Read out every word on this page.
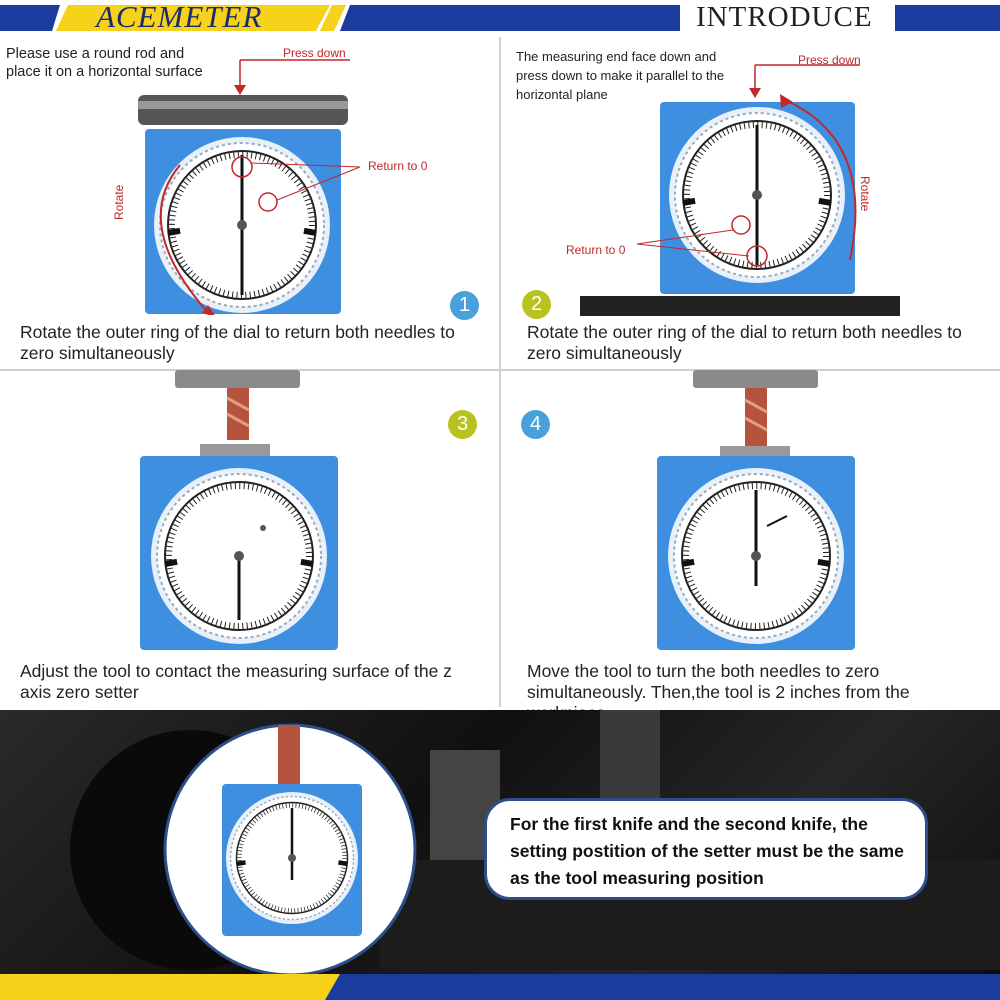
ACEMETER	INTRODUCE
Please use a round rod and place it on a horizontal surface
Press down
Return to 0
Rotate
1
Rotate the outer ring of the dial to return both needles to zero simultaneously
The measuring end face down and press down to make it parallel to the horizontal plane
Press down
Return to 0
Rotate
2
Rotate the outer ring of the dial to return both needles to zero simultaneously
3
Adjust the tool to contact the measuring surface of the z axis zero setter
4
Move the tool to turn the both needles to zero simultaneously. Then,the tool is 2 inches from the
For the first knife and the second knife, the setting postition of the setter must be the same as the tool measuring position
